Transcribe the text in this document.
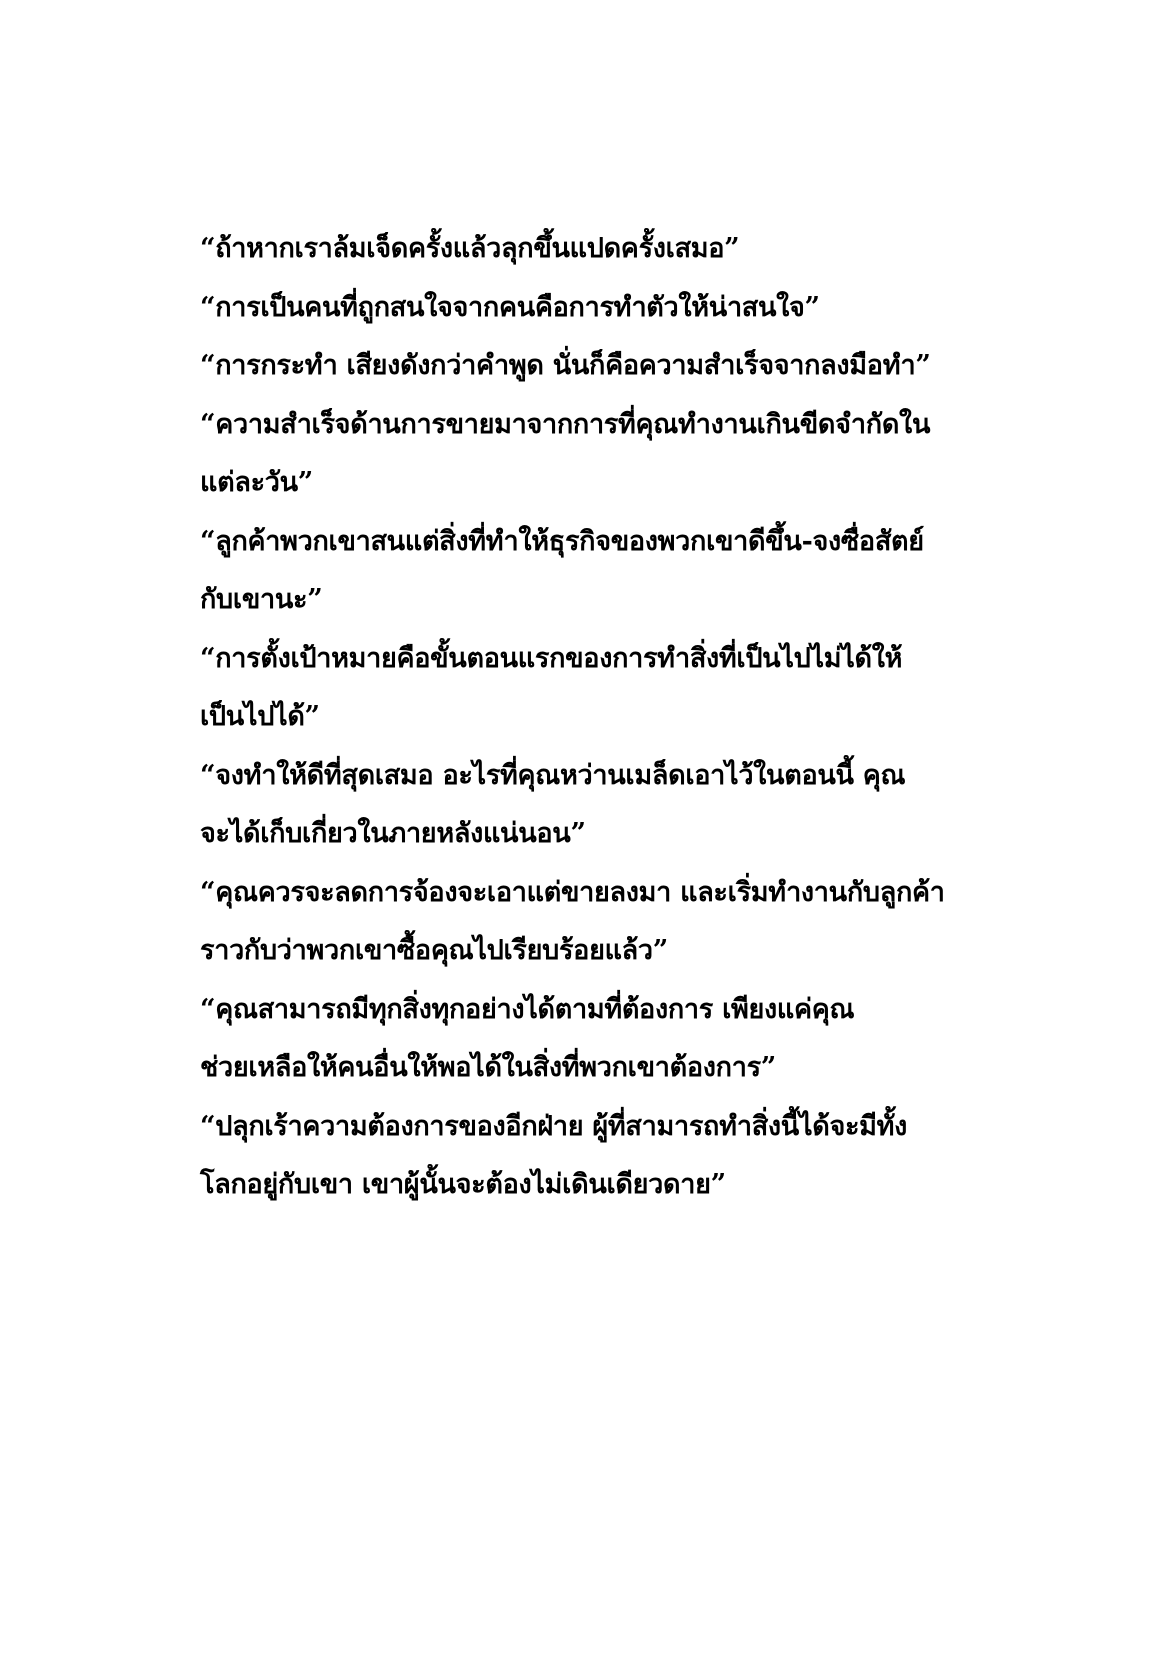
“ถ้าหากเราล้มเจ็ดครั้งแล้วลุกขึ้นแปดครั้งเสมอ”

“การเป็นคนที่ถูกสนใจจากคนคือการทำตัวให้น่าสนใจ”

“การกระทำ เสียงดังกว่าคำพูด นั่นก็คือความสำเร็จจากลงมือทำ”

“ความสำเร็จด้านการขายมาจากการที่คุณทำงานเกินขีดจำกัดใน

แต่ละวัน”

“ลูกค้าพวกเขาสนแต่สิ่งที่ทำให้ธุรกิจของพวกเขาดีขึ้น-จงซื่อสัตย์

กับเขานะ”

“การตั้งเป้าหมายคือขั้นตอนแรกของการทำสิ่งที่เป็นไปไม่ได้ให้

เป็นไปได้”

“จงทำให้ดีที่สุดเสมอ อะไรที่คุณหว่านเมล็ดเอาไว้ในตอนนี้ คุณ

จะได้เก็บเกี่ยวในภายหลังแน่นอน”

“คุณควรจะลดการจ้องจะเอาแต่ขายลงมา และเริ่มทำงานกับลูกค้า

ราวกับว่าพวกเขาซื้อคุณไปเรียบร้อยแล้ว”

“คุณสามารถมีทุกสิ่งทุกอย่างได้ตามที่ต้องการ เพียงแค่คุณ

ช่วยเหลือให้คนอื่นให้พอได้ในสิ่งที่พวกเขาต้องการ”

“ปลุกเร้าความต้องการของอีกฝ่าย ผู้ที่สามารถทำสิ่งนี้ได้จะมีทั้ง

โลกอยู่กับเขา เขาผู้นั้นจะต้องไม่เดินเดียวดาย”
